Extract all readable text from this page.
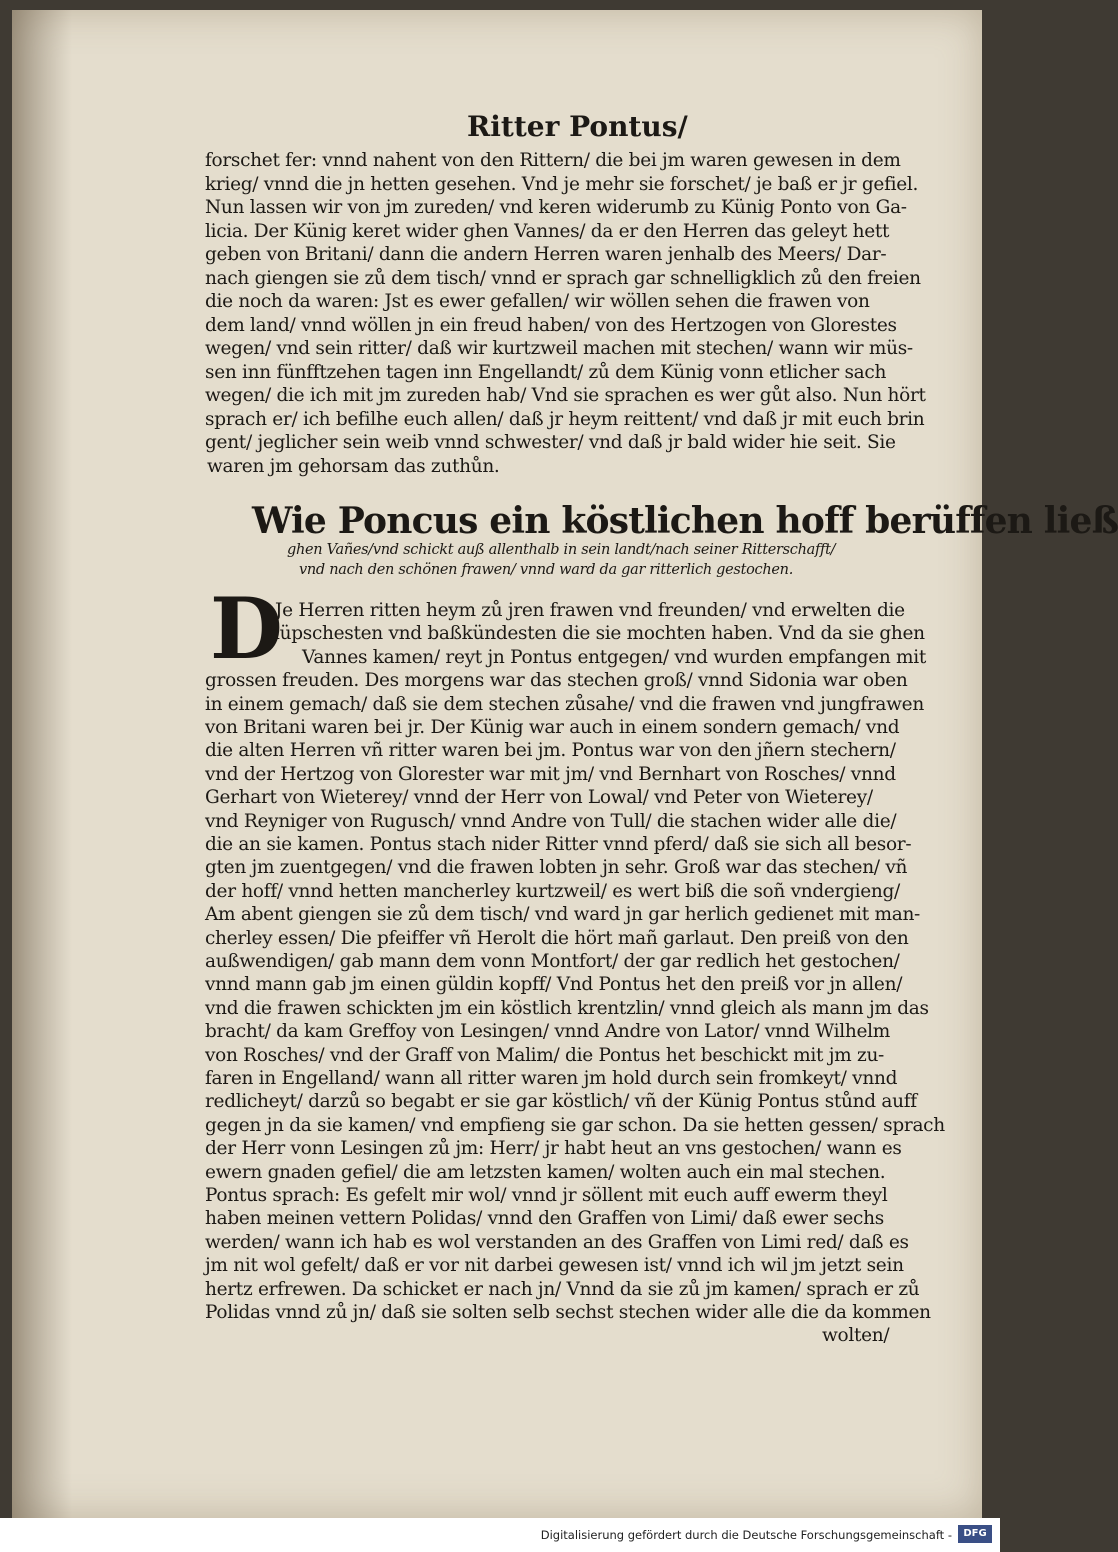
Ritter Pontus/
forschet fer: vnnd nahent von den Rittern/ die bei jm waren gewesen in dem
krieg/ vnnd die jn hetten gesehen. Vnd je mehr sie forschet/ je baß er jr gefiel.
Nun lassen wir von jm zureden/ vnd keren widerumb zu Künig Ponto von Ga-
licia. Der Künig keret wider ghen Vannes/ da er den Herren das geleyt hett
geben von Britani/ dann die andern Herren waren jenhalb des Meers/ Dar-
nach giengen sie zů dem tisch/ vnnd er sprach gar schnelligklich zů den freien
die noch da waren: Jst es ewer gefallen/ wir wöllen sehen die frawen von
dem land/ vnnd wöllen jn ein freud haben/ von des Hertzogen von Glorestes
wegen/ vnd sein ritter/ daß wir kurtzweil machen mit stechen/ wann wir müs-
sen inn fünfftzehen tagen inn Engellandt/ zů dem Künig vonn etlicher sach
wegen/ die ich mit jm zureden hab/ Vnd sie sprachen es wer gůt also. Nun hört
sprach er/ ich befilhe euch allen/ daß jr heym reittent/ vnd daß jr mit euch brin
gent/ jeglicher sein weib vnnd schwester/ vnd daß jr bald wider hie seit. Sie
waren jm gehorsam das zuthůn.
Wie Poncus ein köstlichen hoff berüffen ließ
ghen Vañes/vnd schickt auß allenthalb in sein landt/nach seiner Ritterschafft/
vnd nach den schönen frawen/ vnnd ward da gar ritterlich gestochen.
D
Je Herren ritten heym zů jren frawen vnd freunden/ vnd erwelten die
hüpschesten vnd baßkündesten die sie mochten haben. Vnd da sie ghen
Vannes kamen/ reyt jn Pontus entgegen/ vnd wurden empfangen mit
grossen freuden. Des morgens war das stechen groß/ vnnd Sidonia war oben
in einem gemach/ daß sie dem stechen zůsahe/ vnd die frawen vnd jungfrawen
von Britani waren bei jr. Der Künig war auch in einem sondern gemach/ vnd
die alten Herren vñ ritter waren bei jm. Pontus war von den jñern stechern/
vnd der Hertzog von Glorester war mit jm/ vnd Bernhart von Rosches/ vnnd
Gerhart von Wieterey/ vnnd der Herr von Lowal/ vnd Peter von Wieterey/
vnd Reyniger von Rugusch/ vnnd Andre von Tull/ die stachen wider alle die/
die an sie kamen. Pontus stach nider Ritter vnnd pferd/ daß sie sich all besor-
gten jm zuentgegen/ vnd die frawen lobten jn sehr. Groß war das stechen/ vñ
der hoff/ vnnd hetten mancherley kurtzweil/ es wert biß die soñ vndergieng/
Am abent giengen sie zů dem tisch/ vnd ward jn gar herlich gedienet mit man-
cherley essen/ Die pfeiffer vñ Herolt die hört mañ garlaut. Den preiß von den
außwendigen/ gab mann dem vonn Montfort/ der gar redlich het gestochen/
vnnd mann gab jm einen güldin kopff/ Vnd Pontus het den preiß vor jn allen/
vnd die frawen schickten jm ein köstlich krentzlin/ vnnd gleich als mann jm das
bracht/ da kam Greffoy von Lesingen/ vnnd Andre von Lator/ vnnd Wilhelm
von Rosches/ vnd der Graff von Malim/ die Pontus het beschickt mit jm zu-
faren in Engelland/ wann all ritter waren jm hold durch sein fromkeyt/ vnnd
redlicheyt/ darzů so begabt er sie gar köstlich/ vñ der Künig Pontus stůnd auff
gegen jn da sie kamen/ vnd empfieng sie gar schon. Da sie hetten gessen/ sprach
der Herr vonn Lesingen zů jm: Herr/ jr habt heut an vns gestochen/ wann es
ewern gnaden gefiel/ die am letzsten kamen/ wolten auch ein mal stechen.
Pontus sprach: Es gefelt mir wol/ vnnd jr söllent mit euch auff ewerm theyl
haben meinen vettern Polidas/ vnnd den Graffen von Limi/ daß ewer sechs
werden/ wann ich hab es wol verstanden an des Graffen von Limi red/ daß es
jm nit wol gefelt/ daß er vor nit darbei gewesen ist/ vnnd ich wil jm jetzt sein
hertz erfrewen. Da schicket er nach jn/ Vnnd da sie zů jm kamen/ sprach er zů
Polidas vnnd zů jn/ daß sie solten selb sechst stechen wider alle die da kommen
wolten/
Digitalisierung gefördert durch die Deutsche Forschungsgemeinschaft -	DFG
